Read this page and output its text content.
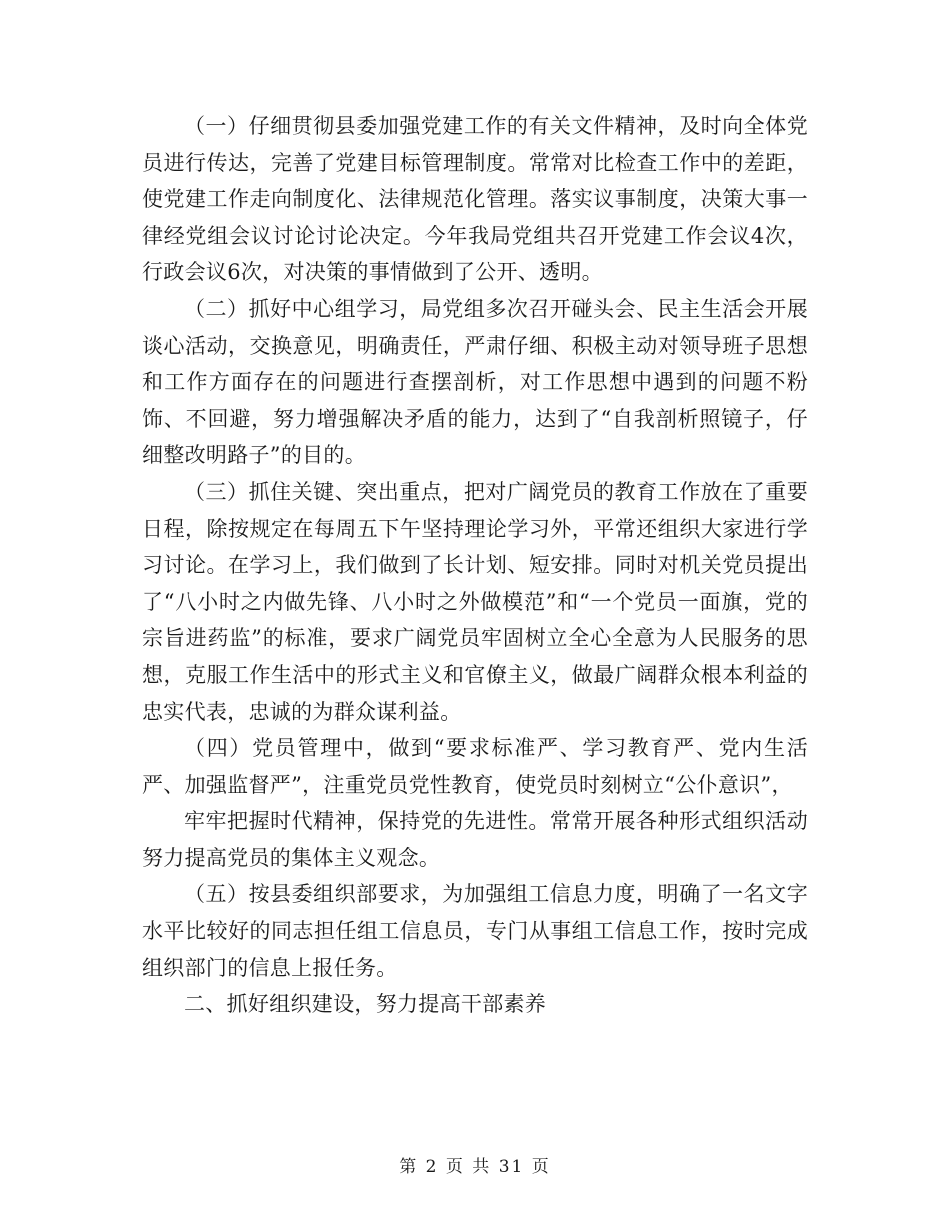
（一）仔细贯彻县委加强党建工作的有关文件精神，及时向全体党员进行传达，完善了党建目标管理制度。常常对比检查工作中的差距，使党建工作走向制度化、法律规范化管理。落实议事制度，决策大事一律经党组会议讨论讨论决定。今年我局党组共召开党建工作会议4次，行政会议6次，对决策的事情做到了公开、透明。

（二）抓好中心组学习，局党组多次召开碰头会、民主生活会开展谈心活动，交换意见，明确责任，严肃仔细、积极主动对领导班子思想和工作方面存在的问题进行查摆剖析，对工作思想中遇到的问题不粉饰、不回避，努力增强解决矛盾的能力，达到了“自我剖析照镜子，仔细整改明路子”的目的。

（三）抓住关键、突出重点，把对广阔党员的教育工作放在了重要日程，除按规定在每周五下午坚持理论学习外，平常还组织大家进行学习讨论。在学习上，我们做到了长计划、短安排。同时对机关党员提出了“八小时之内做先锋、八小时之外做模范”和“一个党员一面旗，党的宗旨进药监”的标准，要求广阔党员牢固树立全心全意为人民服务的思想，克服工作生活中的形式主义和官僚主义，做最广阔群众根本利益的忠实代表，忠诚的为群众谋利益。

（四）党员管理中，做到“要求标准严、学习教育严、党内生活严、加强监督严”，注重党员党性教育，使党员时刻树立“公仆意识”，

牢牢把握时代精神，保持党的先进性。常常开展各种形式组织活动努力提高党员的集体主义观念。

（五）按县委组织部要求，为加强组工信息力度，明确了一名文字水平比较好的同志担任组工信息员，专门从事组工信息工作，按时完成组织部门的信息上报任务。

二、抓好组织建设，努力提高干部素养

第 2 页 共 31 页
